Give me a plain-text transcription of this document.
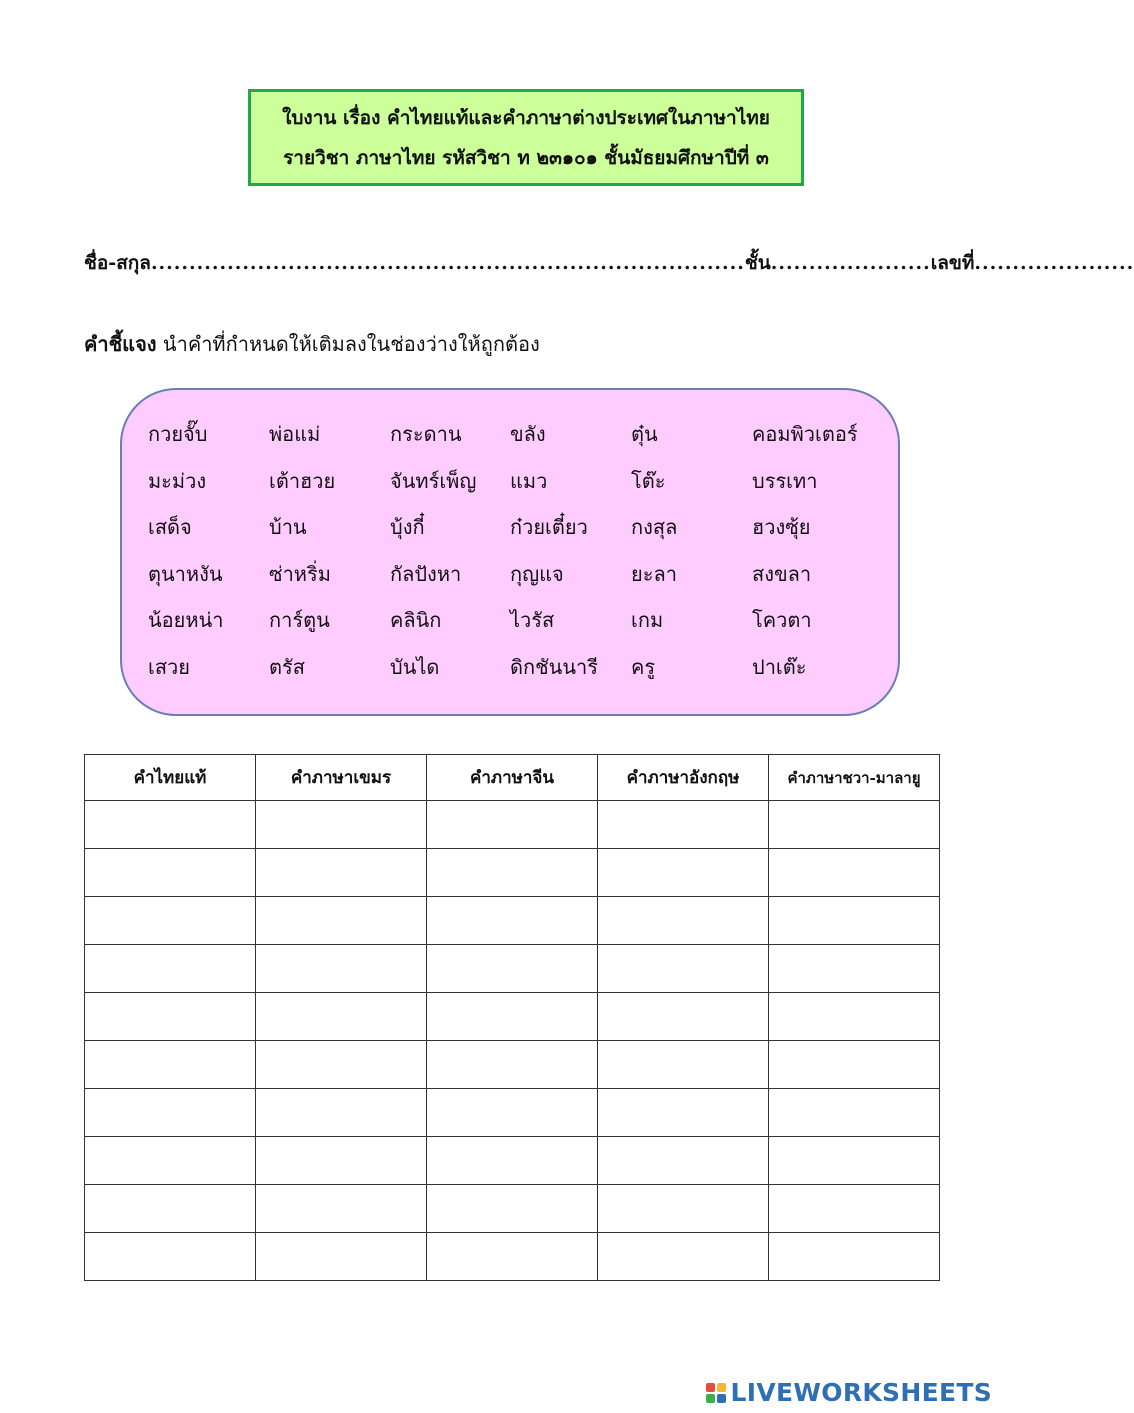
ใบงาน เรื่อง คำไทยแท้และคำภาษาต่างประเทศในภาษาไทย
รายวิชา ภาษาไทย รหัสวิชา ท ๒๓๑๐๑ ชั้นมัธยมศึกษาปีที่ ๓
ชื่อ-สกุล .............................................................................. ชั้น ..................... เลขที่ .....................
คำชี้แจง นำคำที่กำหนดให้เติมลงในช่องว่างให้ถูกต้อง
กวยจั๊บ	พ่อแม่	กระดาน	ขลัง	ตุ๋น	คอมพิวเตอร์
มะม่วง	เต้าฮวย	จันทร์เพ็ญ	แมว	โต๊ะ	บรรเทา
เสด็จ	บ้าน	บุ้งกี๋	ก๋วยเตี๋ยว	กงสุล	ฮวงซุ้ย
ตุนาหงัน	ซ่าหริ่ม	กัลปังหา	กุญแจ	ยะลา	สงขลา
น้อยหน่า	การ์ตูน	คลินิก	ไวรัส	เกม	โควตา
เสวย	ตรัส	บันได	ดิกชันนารี	ครู	ปาเต๊ะ
คำไทยแท้	คำภาษาเขมร	คำภาษาจีน	คำภาษาอังกฤษ	คำภาษาชวา-มาลายู

LIVEWORKSHEETS
